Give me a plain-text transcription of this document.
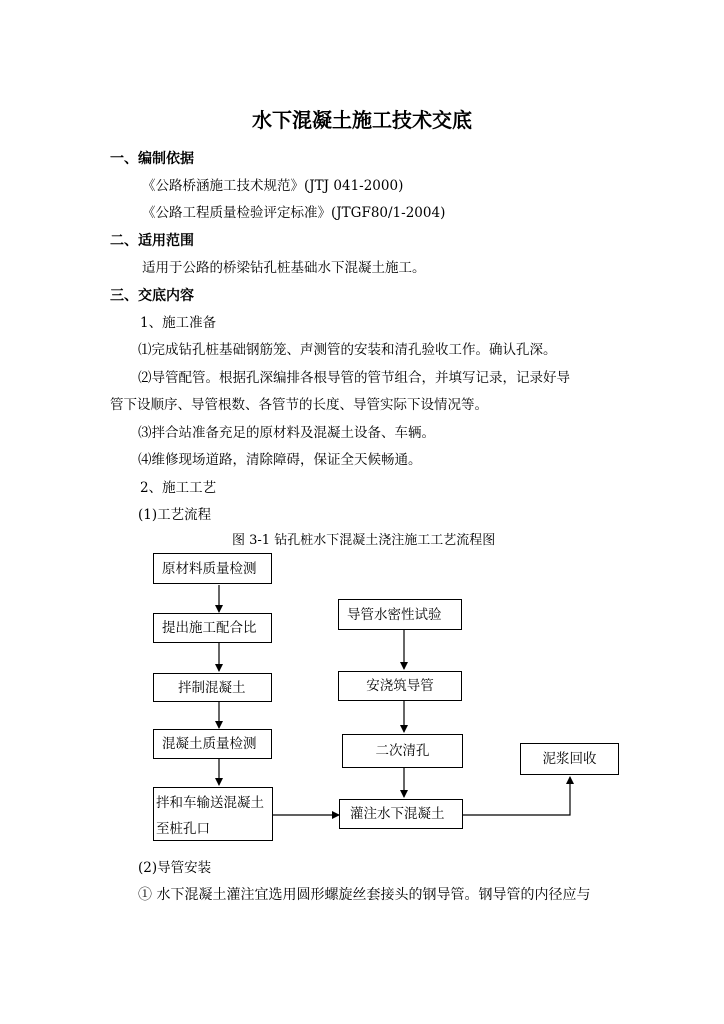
水下混凝土施工技术交底
一、编制依据
《公路桥涵施工技术规范》(JTJ 041-2000)
《公路工程质量检验评定标准》(JTGF80/1-2004)
二、适用范围
适用于公路的桥梁钻孔桩基础水下混凝土施工。
三、交底内容
1、施工准备
⑴完成钻孔桩基础钢筋笼、声测管的安装和清孔验收工作。确认孔深。
⑵导管配管。根据孔深编排各根导管的管节组合，并填写记录，记录好导
管下设顺序、导管根数、各管节的长度、导管实际下设情况等。
⑶拌合站准备充足的原材料及混凝土设备、车辆。
⑷维修现场道路，清除障碍，保证全天候畅通。
2、施工工艺
(1)工艺流程
图 3-1 钻孔桩水下混凝土浇注施工工艺流程图
原材料质量检测
提出施工配合比
拌制混凝土
混凝土质量检测
拌和车输送混凝土
至桩孔口
导管水密性试验
安浇筑导管
二次清孔
灌注水下混凝土
泥浆回收
(2)导管安装
① 水下混凝土灌注宜选用圆形螺旋丝套接头的钢导管。钢导管的内径应与
